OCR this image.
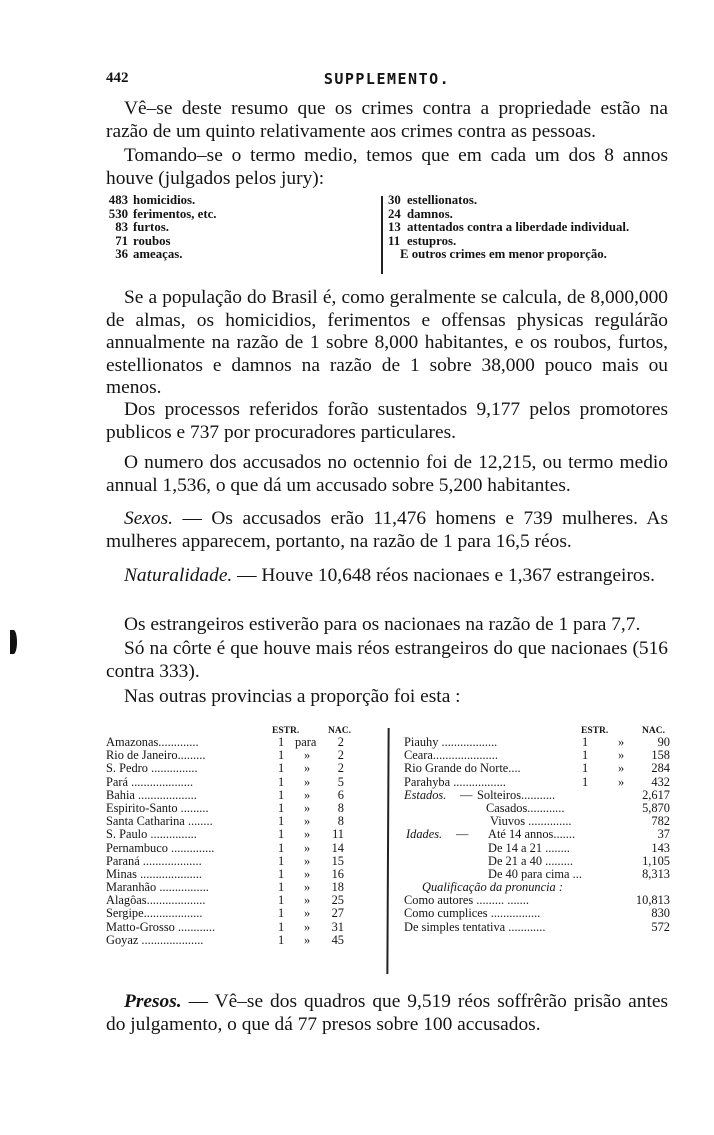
442	SUPPLEMENTO.

Vê–se deste resumo que os crimes contra a propriedade estão na razão de um quinto relativamente aos crimes contra as pessoas.

Tomando–se o termo medio, temos que em cada um dos 8 annos houve (julgados pelos jury):

483 homicidios.
530 ferimentos, etc.
83 furtos.
71 roubos
36 ameaças.
30 estellionatos.
24 damnos.
13 attentados contra a liberdade individual.
11 estupros.
E outros crimes em menor proporção.

Se a população do Brasil é, como geralmente se calcula, de 8,000,000 de almas, os homicidios, ferimentos e offensas physicas regulárão annualmente na razão de 1 sobre 8,000 habitantes, e os roubos, furtos, estellionatos e damnos na razão de 1 sobre 38,000 pouco mais ou menos.

Dos processos referidos forão sustentados 9,177 pelos promotores publicos e 737 por procuradores particulares.

O numero dos accusados no octennio foi de 12,215, ou termo medio annual 1,536, o que dá um accusado sobre 5,200 habitantes.

Sexos. — Os accusados erão 11,476 homens e 739 mulheres. As mulheres apparecem, portanto, na razão de 1 para 16,5 réos.

Naturalidade. — Houve 10,648 réos nacionaes e 1,367 estrangeiros.

Os estrangeiros estiverão para os nacionaes na razão de 1 para 7,7.

Só na côrte é que houve mais réos estrangeiros do que nacionaes (516 contra 333).

Nas outras provincias a proporção foi esta :

ESTR.	NAC.
Amazonas.............	1 para 2
Rio de Janeiro.........	1 » 2
S. Pedro ...............	1 » 2
Pará ....................	1 » 5
Bahia ...................	1 » 6
Espirito-Santo .........	1 » 8
Santa Catharina ........	1 » 8
S. Paulo ...............	1 » 11
Pernambuco ..............	1 » 14
Paraná ...................	1 » 15
Minas ....................	1 » 16
Maranhão ................	1 » 18
Alagôas...................	1 » 25
Sergipe...................	1 » 27
Matto-Grosso ............	1 » 31
Goyaz ....................	1 » 45
ESTR.	NAC.
Piauhy ..................	1 »	90
Ceara.....................	1 » 158
Rio Grande do Norte....	1 » 284
Parahyba .................	1 » 432
Estados. — Solteiros...........	2,617
Casados............	5,870
Viuvos ..............	782
Idades. — Até 14 annos.......	37
De 14 a 21 ........	143
De 21 a 40 .........	1,105
De 40 para cima ...	8,313
Qualificação da pronuncia :
Como autores ......... .......	10,813
Como cumplices ................	830
De simples tentativa ............	572

Presos. — Vê–se dos quadros que 9,519 réos soffrêrão prisão antes do julgamento, o que dá 77 presos sobre 100 accusados.
